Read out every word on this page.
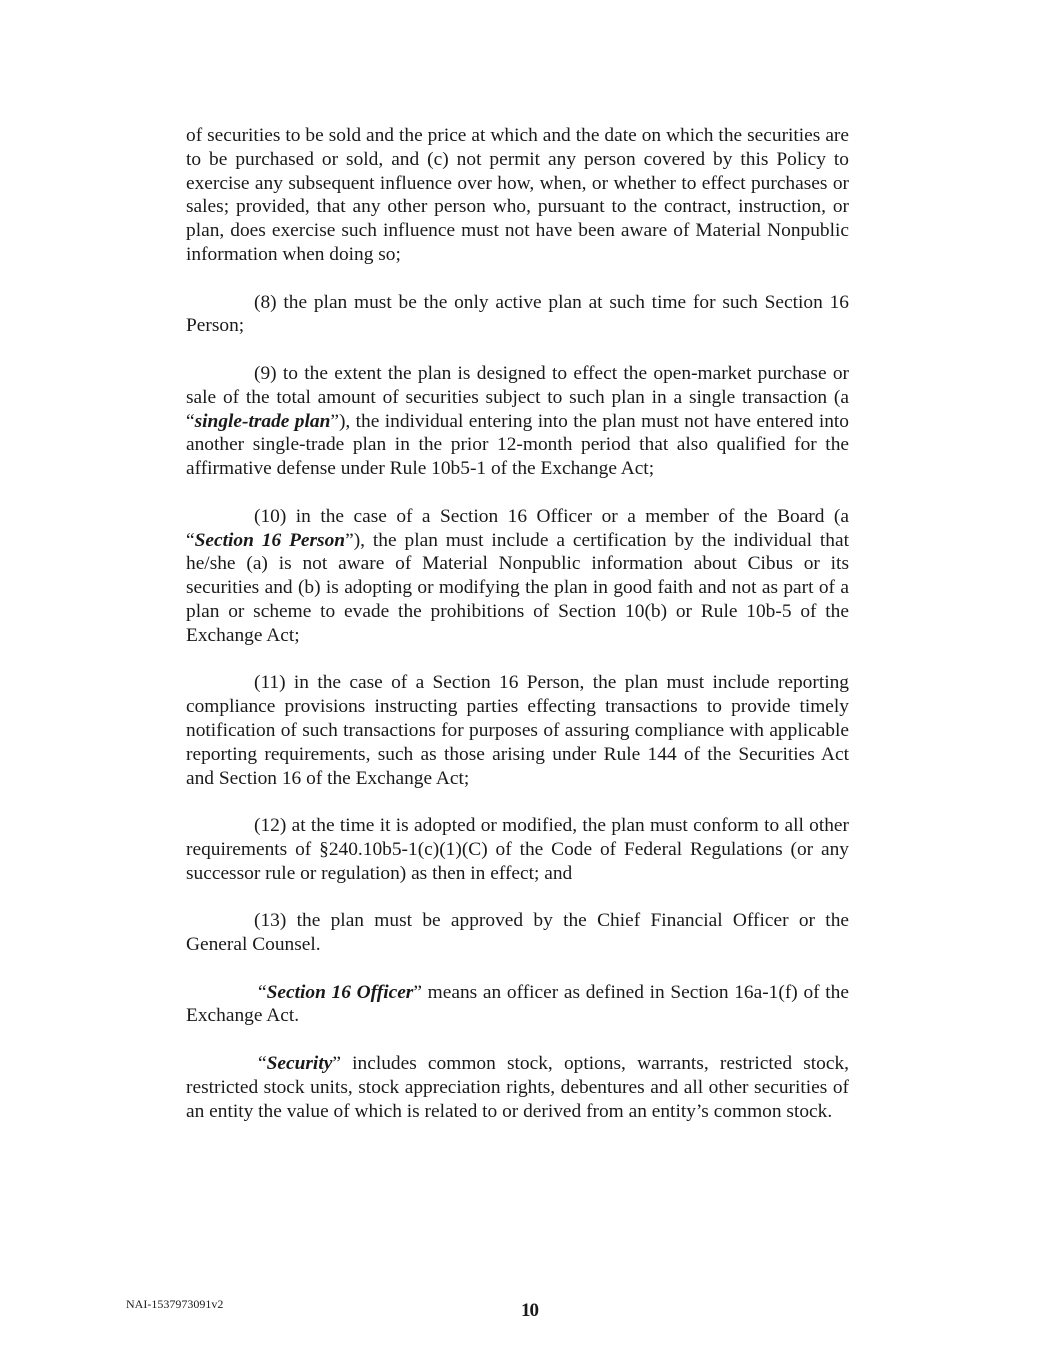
of securities to be sold and the price at which and the date on which the securities are to be purchased or sold, and (c) not permit any person covered by this Policy to exercise any subsequent influence over how, when, or whether to effect purchases or sales; provided, that any other person who, pursuant to the contract, instruction, or plan, does exercise such influence must not have been aware of Material Nonpublic information when doing so;

(8) the plan must be the only active plan at such time for such Section 16 Person;

(9) to the extent the plan is designed to effect the open-market purchase or sale of the total amount of securities subject to such plan in a single transaction (a “single-trade plan”), the individual entering into the plan must not have entered into another single-trade plan in the prior 12-month period that also qualified for the affirmative defense under Rule 10b5-1 of the Exchange Act;

(10) in the case of a Section 16 Officer or a member of the Board (a “Section 16 Person”), the plan must include a certification by the individual that he/she (a) is not aware of Material Nonpublic information about Cibus or its securities and (b) is adopting or modifying the plan in good faith and not as part of a plan or scheme to evade the prohibitions of Section 10(b) or Rule 10b-5 of the Exchange Act;

(11) in the case of a Section 16 Person, the plan must include reporting compliance provisions instructing parties effecting transactions to provide timely notification of such transactions for purposes of assuring compliance with applicable reporting requirements, such as those arising under Rule 144 of the Securities Act and Section 16 of the Exchange Act;

(12) at the time it is adopted or modified, the plan must conform to all other requirements of §240.10b5-1(c)(1)(C) of the Code of Federal Regulations (or any successor rule or regulation) as then in effect; and

(13) the plan must be approved by the Chief Financial Officer or the General Counsel.

“Section 16 Officer” means an officer as defined in Section 16a-1(f) of the Exchange Act.

“Security” includes common stock, options, warrants, restricted stock, restricted stock units, stock appreciation rights, debentures and all other securities of an entity the value of which is related to or derived from an entity’s common stock.

NAI-1537973091v2	10
